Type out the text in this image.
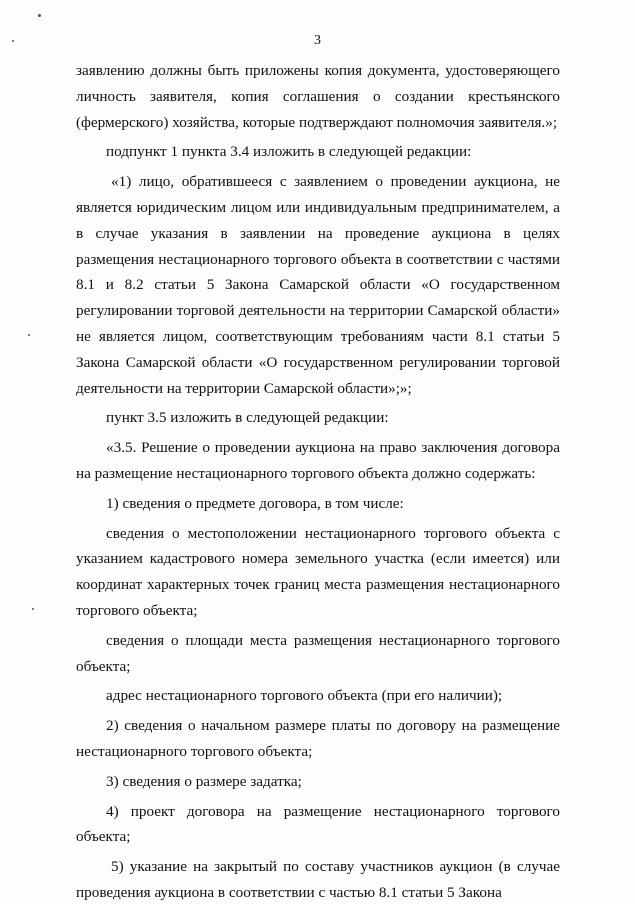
3

заявлению должны быть приложены копия документа, удостоверяющего личность заявителя, копия соглашения о создании крестьянского (фермерского) хозяйства, которые подтверждают полномочия заявителя.»;

подпункт 1 пункта 3.4 изложить в следующей редакции:

«1) лицо, обратившееся с заявлением о проведении аукциона, не является юридическим лицом или индивидуальным предпринимателем, а в случае указания в заявлении на проведение аукциона в целях размещения нестационарного торгового объекта в соответствии с частями 8.1 и 8.2 статьи 5 Закона Самарской области «О государственном регулировании торговой деятельности на территории Самарской области» не является лицом, соответствующим требованиям части 8.1 статьи 5 Закона Самарской области «О государственном регулировании торговой деятельности на территории Самарской области»;»;

пункт 3.5 изложить в следующей редакции:

«3.5. Решение о проведении аукциона на право заключения договора на размещение нестационарного торгового объекта должно содержать:

1) сведения о предмете договора, в том числе:

сведения о местоположении нестационарного торгового объекта с указанием кадастрового номера земельного участка (если имеется) или координат характерных точек границ места размещения нестационарного торгового объекта;

сведения о площади места размещения нестационарного торгового объекта;

адрес нестационарного торгового объекта (при его наличии);

2) сведения о начальном размере платы по договору на размещение нестационарного торгового объекта;

3) сведения о размере задатка;

4) проект договора на размещение нестационарного торгового объекта;

5) указание на закрытый по составу участников аукцион (в случае проведения аукциона в соответствии с частью 8.1 статьи 5 Закона
